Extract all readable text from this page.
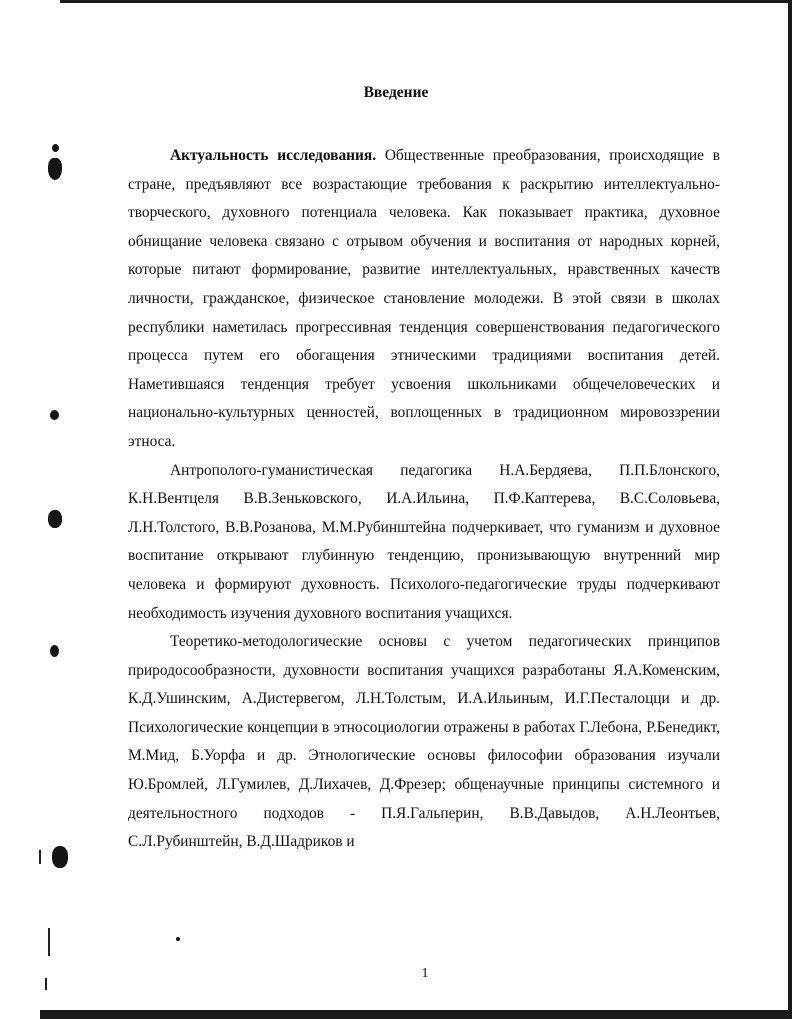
Введение

Актуальность исследования. Общественные преобразования, происходящие в стране, предъявляют все возрастающие требования к раскрытию интеллектуально-творческого, духовного потенциала человека. Как показывает практика, духовное обнищание человека связано с отрывом обучения и воспитания от народных корней, которые питают формирование, развитие интеллектуальных, нравственных качеств личности, гражданское, физическое становление молодежи. В этой связи в школах республики наметилась прогрессивная тенденция совершенствования педагогического процесса путем его обогащения этническими традициями воспитания детей. Наметившаяся тенденция требует усвоения школьниками общечеловеческих и национально-культурных ценностей, воплощенных в традиционном мировоззрении этноса.

Антрополого-гуманистическая педагогика Н.А.Бердяева, П.П.Блонского, К.Н.Вентцеля В.В.Зеньковского, И.А.Ильина, П.Ф.Каптерева, В.С.Соловьева, Л.Н.Толстого, В.В.Розанова, М.М.Рубинштейна подчеркивает, что гуманизм и духовное воспитание открывают глубинную тенденцию, пронизывающую внутренний мир человека и формируют духовность. Психолого-педагогические труды подчеркивают необходимость изучения духовного воспитания учащихся.

Теоретико-методологические основы с учетом педагогических принципов природосообразности, духовности воспитания учащихся разработаны Я.А.Коменским, К.Д.Ушинским, А.Дистервегом, Л.Н.Толстым, И.А.Ильиным, И.Г.Песталоцци и др. Психологические концепции в этносоциологии отражены в работах Г.Лебона, Р.Бенедикт, М.Мид, Б.Уорфа и др. Этнологические основы философии образования изучали Ю.Бромлей, Л.Гумилев, Д.Лихачев, Д.Фрезер; общенаучные принципы системного и деятельностного подходов - П.Я.Гальперин, В.В.Давыдов, А.Н.Леонтьев, С.Л.Рубинштейн, В.Д.Шадриков и

1
